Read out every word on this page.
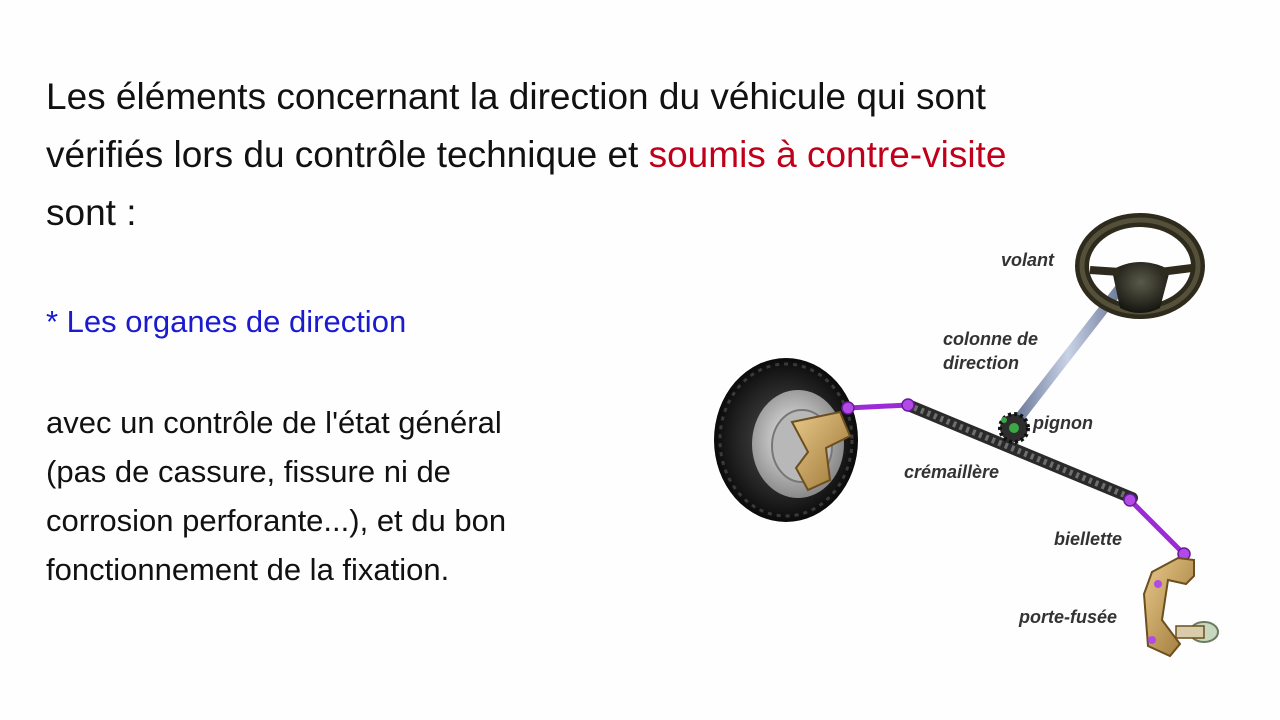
Les éléments concernant la direction du véhicule qui sont vérifiés lors du contrôle technique et soumis à contre-visite sont :
* Les organes de direction
avec un contrôle de l'état général
(pas de cassure, fissure ni de
corrosion perforante...), et du bon
fonctionnement de la fixation.
volant
colonne de
direction
pignon
crémaillère
biellette
porte-fusée
